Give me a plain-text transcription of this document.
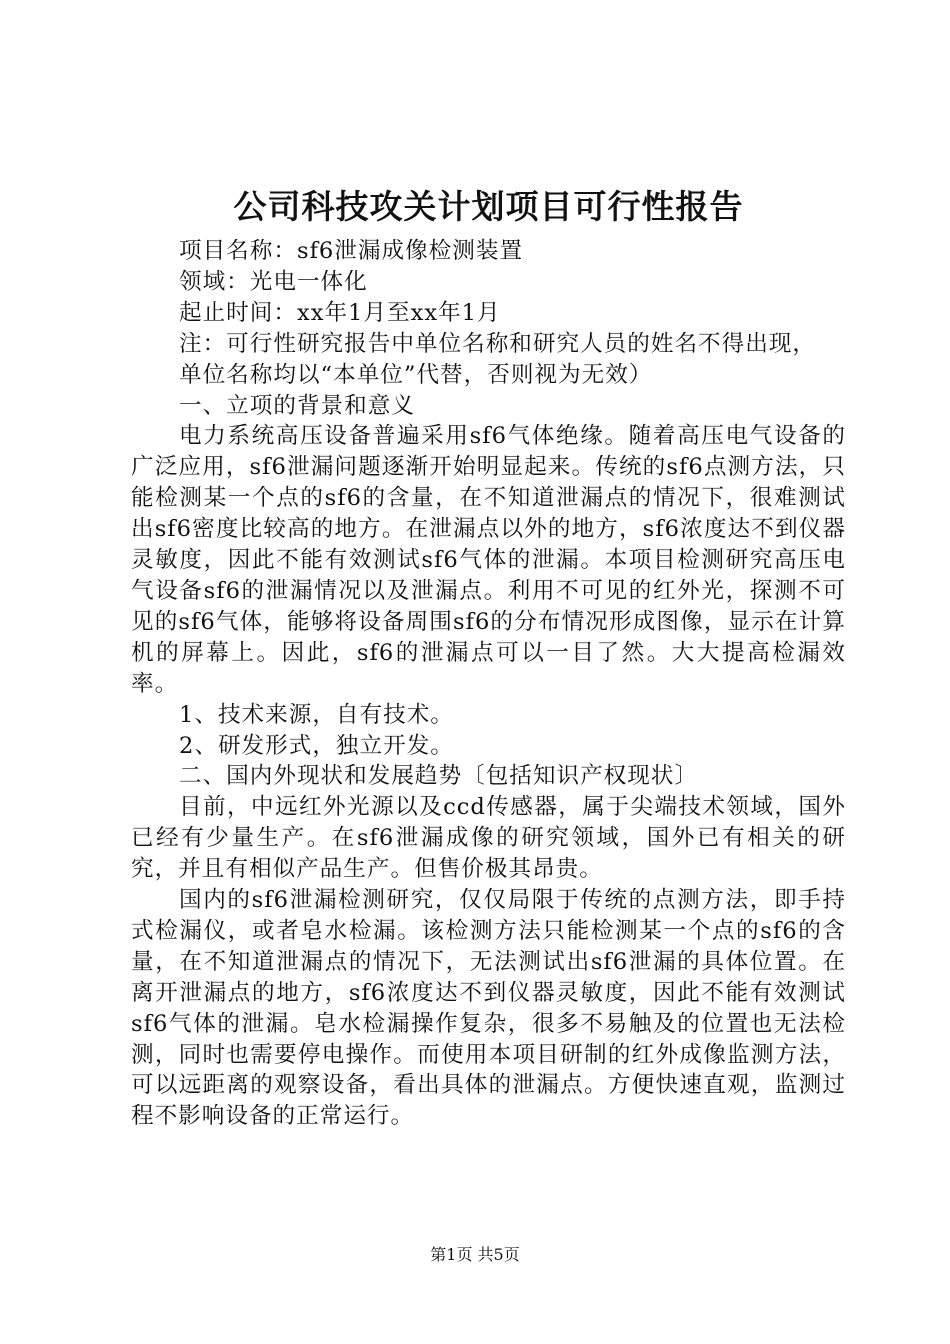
公司科技攻关计划项目可行性报告

项目名称：sf6泄漏成像检测装置

领域：光电一体化

起止时间：xx年1月至xx年1月

注：可行性研究报告中单位名称和研究人员的姓名不得出现，

单位名称均以“本单位”代替，否则视为无效）

一、立项的背景和意义

电力系统高压设备普遍采用sf6气体绝缘。随着高压电气设备的广泛应用，sf6泄漏问题逐渐开始明显起来。传统的sf6点测方法，只能检测某一个点的sf6的含量，在不知道泄漏点的情况下，很难测试出sf6密度比较高的地方。在泄漏点以外的地方，sf6浓度达不到仪器灵敏度，因此不能有效测试sf6气体的泄漏。本项目检测研究高压电气设备sf6的泄漏情况以及泄漏点。利用不可见的红外光，探测不可见的sf6气体，能够将设备周围sf6的分布情况形成图像，显示在计算机的屏幕上。因此，sf6的泄漏点可以一目了然。大大提高检漏效率。

1、技术来源，自有技术。

2、研发形式，独立开发。

二、国内外现状和发展趋势〔包括知识产权现状〕

目前，中远红外光源以及ccd传感器，属于尖端技术领域，国外已经有少量生产。在sf6泄漏成像的研究领域，国外已有相关的研究，并且有相似产品生产。但售价极其昂贵。

国内的sf6泄漏检测研究，仅仅局限于传统的点测方法，即手持式检漏仪，或者皂水检漏。该检测方法只能检测某一个点的sf6的含量，在不知道泄漏点的情况下，无法测试出sf6泄漏的具体位置。在离开泄漏点的地方，sf6浓度达不到仪器灵敏度，因此不能有效测试sf6气体的泄漏。皂水检漏操作复杂，很多不易触及的位置也无法检测，同时也需要停电操作。而使用本项目研制的红外成像监测方法，可以远距离的观察设备，看出具体的泄漏点。方便快速直观，监测过程不影响设备的正常运行。

第1页 共5页
